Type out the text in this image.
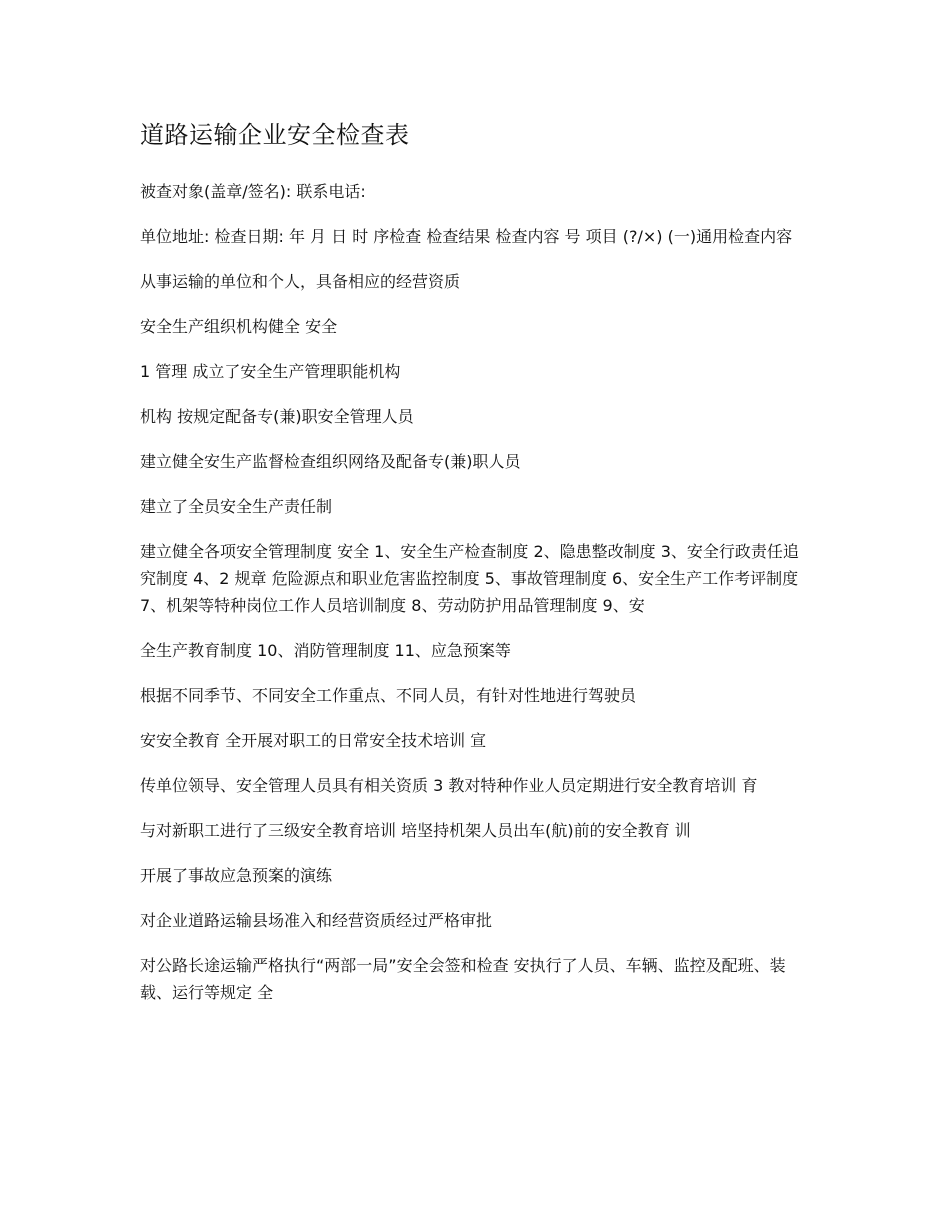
道路运输企业安全检查表

被查对象(盖章/签名): 联系电话:

单位地址: 检查日期: 年 月 日 时 序检查 检查结果 检查内容 号 项目 (?/×) (一)通用检查内容

从事运输的单位和个人，具备相应的经营资质

安全生产组织机构健全 安全

1 管理 成立了安全生产管理职能机构

机构 按规定配备专(兼)职安全管理人员

建立健全安生产监督检查组织网络及配备专(兼)职人员

建立了全员安全生产责任制

建立健全各项安全管理制度 安全 1、安全生产检查制度 2、隐患整改制度 3、安全行政责任追究制度 4、2 规章 危险源点和职业危害监控制度 5、事故管理制度 6、安全生产工作考评制度 7、机架等特种岗位工作人员培训制度 8、劳动防护用品管理制度 9、安

全生产教育制度 10、消防管理制度 11、应急预案等

根据不同季节、不同安全工作重点、不同人员，有针对性地进行驾驶员

安安全教育 全开展对职工的日常安全技术培训 宣

传单位领导、安全管理人员具有相关资质 3 教对特种作业人员定期进行安全教育培训 育

与对新职工进行了三级安全教育培训 培坚持机架人员出车(航)前的安全教育 训

开展了事故应急预案的演练

对企业道路运输县场准入和经营资质经过严格审批

对公路长途运输严格执行“两部一局”安全会签和检查 安执行了人员、车辆、监控及配班、装载、运行等规定 全
